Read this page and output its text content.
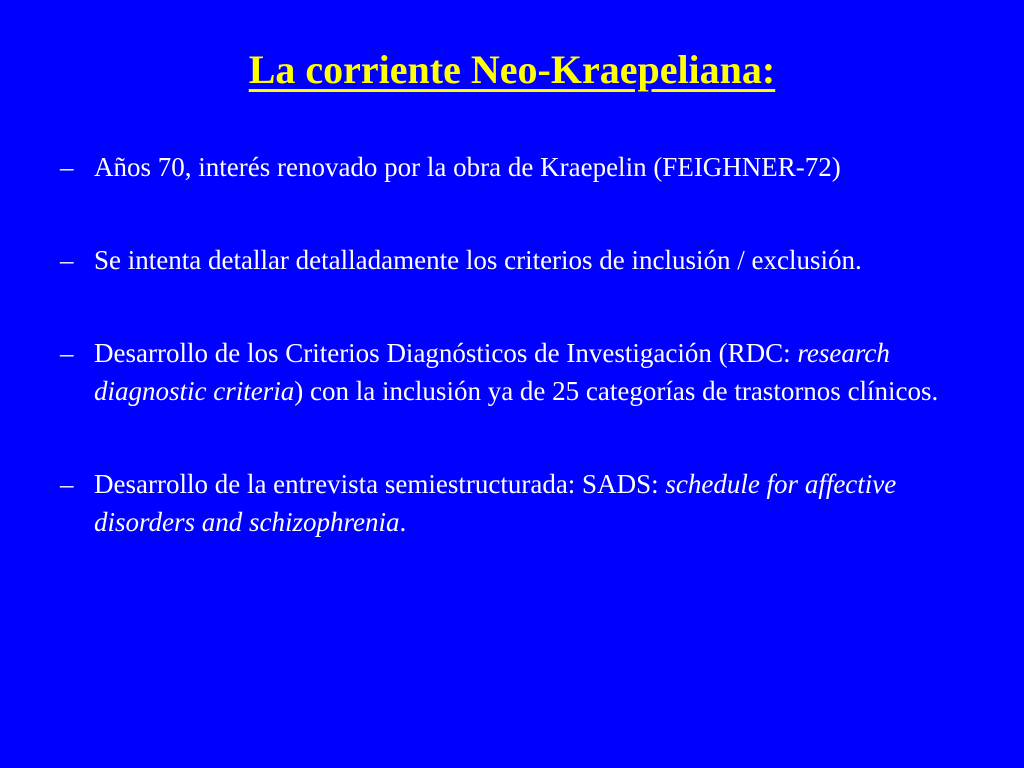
La corriente Neo-Kraepeliana:
– Años 70, interés renovado por la obra de Kraepelin (FEIGHNER-72)
– Se intenta detallar detalladamente los criterios de inclusión / exclusión.
– Desarrollo de los Criterios Diagnósticos de Investigación (RDC: research diagnostic criteria) con la inclusión ya de 25 categorías de trastornos clínicos.
– Desarrollo de la entrevista semiestructurada: SADS: schedule for affective disorders and schizophrenia.
